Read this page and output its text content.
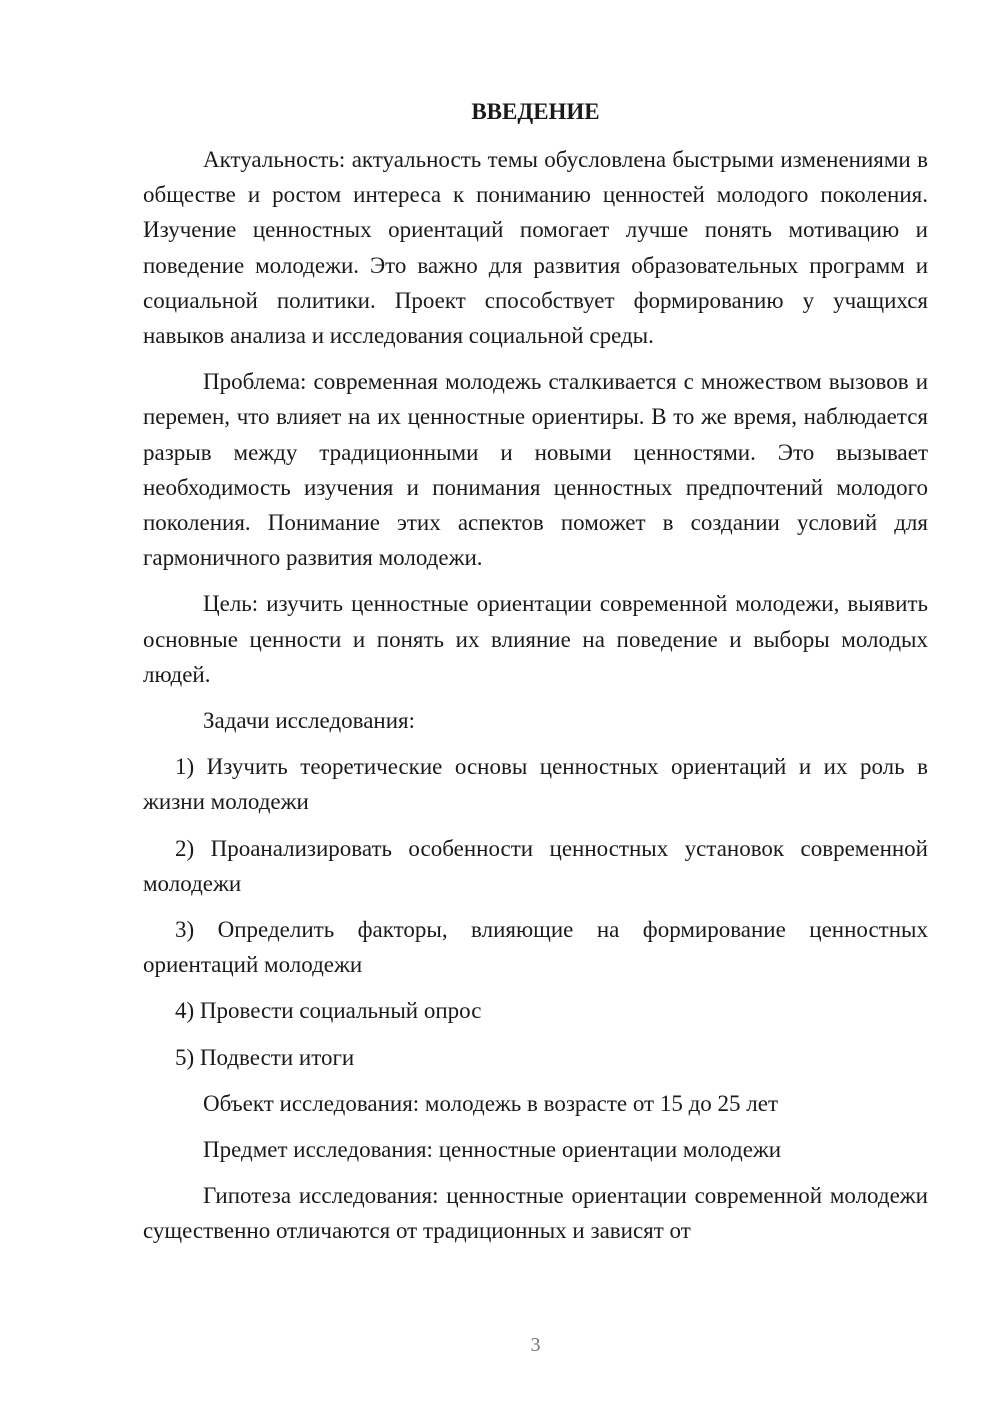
ВВЕДЕНИЕ

Актуальность: актуальность темы обусловлена быстрыми изменениями в обществе и ростом интереса к пониманию ценностей молодого поколения. Изучение ценностных ориентаций помогает лучше понять мотивацию и поведение молодежи. Это важно для развития образовательных программ и социальной политики. Проект способствует формированию у учащихся навыков анализа и исследования социальной среды.

Проблема: современная молодежь сталкивается с множеством вызовов и перемен, что влияет на их ценностные ориентиры. В то же время, наблюдается разрыв между традиционными и новыми ценностями. Это вызывает необходимость изучения и понимания ценностных предпочтений молодого поколения. Понимание этих аспектов поможет в создании условий для гармоничного развития молодежи.

Цель: изучить ценностные ориентации современной молодежи, выявить основные ценности и понять их влияние на поведение и выборы молодых людей.

Задачи исследования:

1) Изучить теоретические основы ценностных ориентаций и их роль в жизни молодежи

2) Проанализировать особенности ценностных установок современной молодежи

3) Определить факторы, влияющие на формирование ценностных ориентаций молодежи

4) Провести социальный опрос

5) Подвести итоги

Объект исследования: молодежь в возрасте от 15 до 25 лет

Предмет исследования: ценностные ориентации молодежи

Гипотеза исследования: ценностные ориентации современной молодежи существенно отличаются от традиционных и зависят от

3
